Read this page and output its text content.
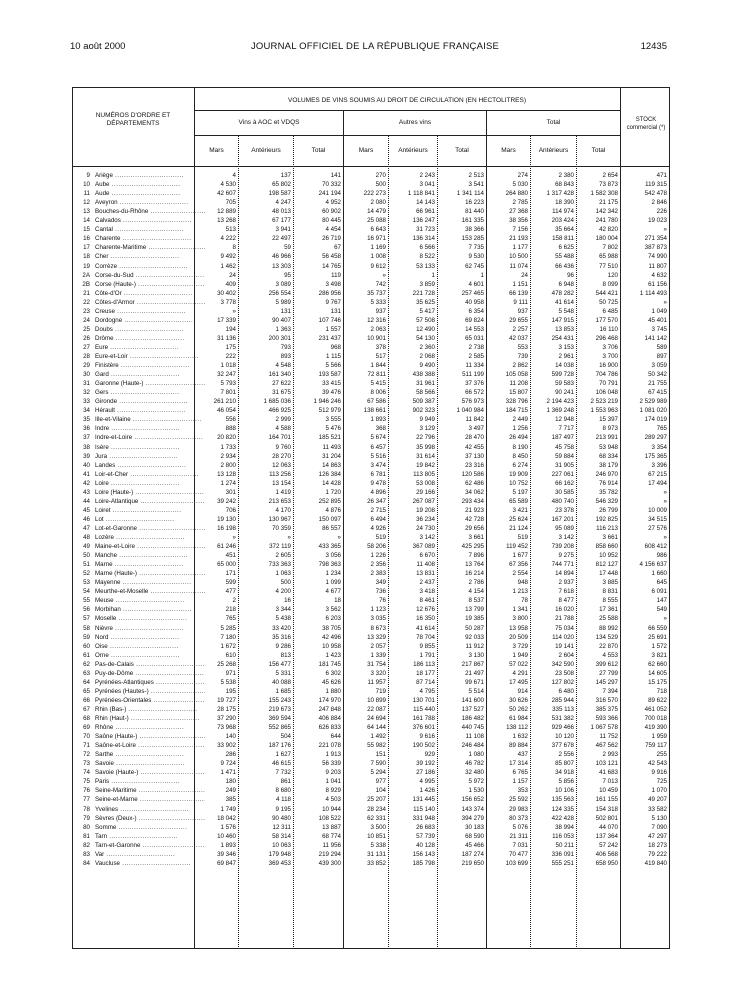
10 août 2000	JOURNAL OFFICIEL DE LA RÉPUBLIQUE FRANÇAISE	12435
NUMÉROS D'ORDRE ET DÉPARTEMENTS
VOLUMES DE VINS SOUMIS AU DROIT DE CIRCULATION (EN HECTOLITRES)
Vins à AOC et VDQS	Autres vins	Total	STOCK commercial (*)
Mars	Antérieurs	Total	Mars	Antérieurs	Total	Mars	Antérieurs	Total
9 Ariège .....	4	137	141	270	2 243	2 513	274	2 380	2 654	471
10 Aube .....	4 530	65 802	70 332	500	3 041	3 541	5 030	68 843	73 873	119 315
11 Aude .....	42 607	198 587	241 194	222 273	1 118 841	1 341 114	264 880	1 317 428	1 582 308	542 478
12 Aveyron .....	705	4 247	4 952	2 080	14 143	16 223	2 785	18 390	21 175	2 846
13 Bouches-du-Rhône .....	12 889	48 013	60 902	14 479	66 961	81 440	27 368	114 974	142 342	226
14 Calvados .....	13 268	67 177	80 445	25 088	136 247	161 335	38 356	203 424	241 780	19 023
15 Cantal .....	513	3 941	4 454	6 643	31 723	38 366	7 156	35 664	42 820	»
16 Charente .....	4 222	22 497	26 719	16 971	136 314	153 285	21 193	158 811	180 004	271 354
17 Charente-Maritime .....	8	59	67	1 169	6 566	7 735	1 177	6 625	7 802	387 873
18 Cher .....	9 492	46 966	56 458	1 008	8 522	9 530	10 500	55 488	65 988	74 990
19 Corrèze .....	1 462	13 303	14 765	9 612	53 133	62 745	11 074	66 436	77 510	11 807
2A Corse-du-Sud .....	24	95	119	»	1	1	24	96	120	4 632
2B Corse (Haute-) .....	409	3 089	3 498	742	3 859	4 601	1 151	6 948	8 099	61 156
21 Côte-d'Or .....	30 402	256 554	286 956	35 737	221 728	257 465	66 139	478 282	544 421	1 114 493
22 Côtes-d'Armor .....	3 778	5 989	9 767	5 333	35 625	40 958	9 111	41 614	50 725	»
23 Creuse .....	»	131	131	937	5 417	6 354	937	5 548	6 485	1 049
24 Dordogne .....	17 339	90 407	107 746	12 316	57 508	69 824	29 655	147 915	177 570	45 401
25 Doubs .....	194	1 363	1 557	2 063	12 490	14 553	2 257	13 853	16 110	3 745
26 Drôme .....	31 136	200 301	231 437	10 901	54 130	65 031	42 037	254 431	296 468	141 142
27 Eure .....	175	793	968	378	2 360	2 738	553	3 153	3 706	589
28 Eure-et-Loir .....	222	893	1 115	517	2 068	2 585	739	2 961	3 700	897
29 Finistère .....	1 018	4 548	5 566	1 844	9 490	11 334	2 862	14 038	16 900	3 059
30 Gard .....	32 247	161 340	193 587	72 811	438 388	511 199	105 058	599 728	704 786	50 342
31 Garonne (Haute-) .....	5 793	27 622	33 415	5 415	31 961	37 376	11 208	59 583	70 791	21 755
32 Gers .....	7 801	31 675	39 476	8 006	58 566	66 572	15 807	90 241	106 048	67 415
33 Gironde .....	261 210	1 685 036	1 946 246	67 586	509 387	576 973	328 796	2 194 423	2 523 219	2 529 989
34 Hérault .....	46 054	466 925	512 979	138 661	902 323	1 040 984	184 715	1 369 248	1 553 963	1 081 020
35 Ille-et-Vilaine .....	556	2 999	3 555	1 893	9 949	11 842	2 449	12 948	15 397	174 019
36 Indre .....	888	4 588	5 476	368	3 129	3 497	1 256	7 717	8 973	765
37 Indre-et-Loire .....	20 820	164 701	185 521	5 674	22 796	28 470	26 494	187 497	213 991	289 297
38 Isère .....	1 733	9 760	11 493	6 457	35 998	42 455	8 190	45 758	53 948	3 354
39 Jura .....	2 934	28 270	31 204	5 516	31 614	37 130	8 450	59 884	68 334	175 365
40 Landes .....	2 800	12 063	14 863	3 474	19 842	23 316	6 274	31 905	38 179	3 396
41 Loir-et-Cher .....	13 128	113 256	126 384	6 781	113 805	120 586	19 909	227 061	246 970	67 215
42 Loire .....	1 274	13 154	14 428	9 478	53 008	62 486	10 752	66 162	76 914	17 494
43 Loire (Haute-) .....	301	1 419	1 720	4 896	29 166	34 062	5 197	30 585	35 782	»
44 Loire-Atlantique .....	39 242	213 653	252 895	26 347	267 087	293 434	65 589	480 740	546 329	»
45 Loiret .....	706	4 170	4 876	2 715	19 208	21 923	3 421	23 378	26 799	10 009
46 Lot .....	19 130	130 967	150 097	6 494	36 234	42 728	25 624	167 201	192 825	34 515
47 Lot-et-Garonne .....	16 198	70 359	86 557	4 926	24 730	29 656	21 124	95 089	116 213	27 576
48 Lozère .....	»	»	»	519	3 142	3 661	519	3 142	3 661	»
49 Maine-et-Loire .....	61 246	372 119	433 365	58 206	367 089	425 295	119 452	739 208	858 660	608 412
50 Manche .....	451	2 605	3 056	1 226	6 670	7 896	1 677	9 275	10 952	986
51 Marne .....	65 000	733 363	798 363	2 356	11 408	13 764	67 356	744 771	812 127	4 156 637
52 Marne (Haute-) .....	171	1 063	1 234	2 383	13 831	16 214	2 554	14 894	17 448	1 660
53 Mayenne .....	599	500	1 099	349	2 437	2 786	948	2 937	3 885	645
54 Meurthe-et-Moselle .....	477	4 200	4 677	736	3 418	4 154	1 213	7 618	8 831	6 091
55 Meuse .....	2	16	18	76	8 461	8 537	78	8 477	8 555	147
56 Morbihan .....	218	3 344	3 562	1 123	12 676	13 799	1 341	16 020	17 361	549
57 Moselle .....	765	5 438	6 203	3 035	16 350	19 385	3 800	21 788	25 588	»
58 Nièvre .....	5 285	33 420	38 705	8 673	41 614	50 287	13 958	75 034	88 992	66 559
59 Nord .....	7 180	35 316	42 496	13 329	78 704	92 033	20 509	114 020	134 529	25 691
60 Oise .....	1 672	9 286	10 958	2 057	9 855	11 912	3 729	19 141	22 870	1 572
61 Orne .....	610	813	1 423	1 339	1 791	3 130	1 949	2 604	4 553	3 821
62 Pas-de-Calais .....	25 268	156 477	181 745	31 754	186 113	217 867	57 022	342 590	399 612	62 660
63 Puy-de-Dôme .....	971	5 331	6 302	3 320	18 177	21 497	4 291	23 508	27 799	14 605
64 Pyrénées-Atlantiques .....	5 538	40 088	45 626	11 957	87 714	99 671	17 495	127 802	145 297	15 175
65 Pyrénées (Hautes-) .....	195	1 685	1 880	719	4 795	5 514	914	6 480	7 394	718
66 Pyrénées-Orientales .....	19 727	155 243	174 970	10 899	130 701	141 600	30 626	285 944	316 570	89 622
67 Rhin (Bas-) .....	28 175	219 673	247 848	22 087	115 440	137 527	50 262	335 113	385 375	461 052
68 Rhin (Haut-) .....	37 290	369 594	406 884	24 694	161 788	186 482	61 984	531 382	593 366	700 018
69 Rhône .....	73 968	552 865	626 833	64 144	376 601	440 745	138 112	929 466	1 067 578	419 390
70 Saône (Haute-) .....	140	504	644	1 492	9 616	11 108	1 632	10 120	11 752	1 959
71 Saône-et-Loire .....	33 902	187 176	221 078	55 982	190 502	246 484	89 884	377 678	467 562	759 117
72 Sarthe .....	286	1 627	1 913	151	929	1 080	437	2 556	2 993	255
73 Savoie .....	9 724	46 615	56 339	7 590	39 192	46 782	17 314	85 807	103 121	42 543
74 Savoie (Haute-) .....	1 471	7 732	9 203	5 294	27 186	32 480	6 765	34 918	41 683	9 916
75 Paris .....	180	861	1 041	977	4 995	5 972	1 157	5 856	7 013	725
76 Seine-Maritime .....	249	8 680	8 929	104	1 426	1 530	353	10 106	10 459	1 070
77 Seine-et-Marne .....	385	4 118	4 503	25 207	131 445	156 652	25 592	135 563	161 155	49 207
78 Yvelines .....	1 749	9 195	10 944	28 234	115 140	143 374	29 983	124 335	154 318	33 582
79 Sèvres (Deux-) .....	18 042	90 480	108 522	62 331	331 948	394 279	80 373	422 428	502 801	5 130
80 Somme .....	1 576	12 311	13 887	3 500	26 683	30 183	5 076	38 994	44 070	7 090
81 Tarn .....	10 460	58 314	68 774	10 851	57 739	68 590	21 311	116 053	137 364	47 297
82 Tarn-et-Garonne .....	1 893	10 063	11 956	5 338	40 128	45 466	7 031	50 211	57 242	18 273
83 Var .....	39 346	179 948	219 294	31 131	156 143	187 274	70 477	336 091	406 568	79 222
84 Vaucluse .....	69 847	369 453	439 300	33 852	185 798	219 650	103 699	555 251	658 950	419 840
